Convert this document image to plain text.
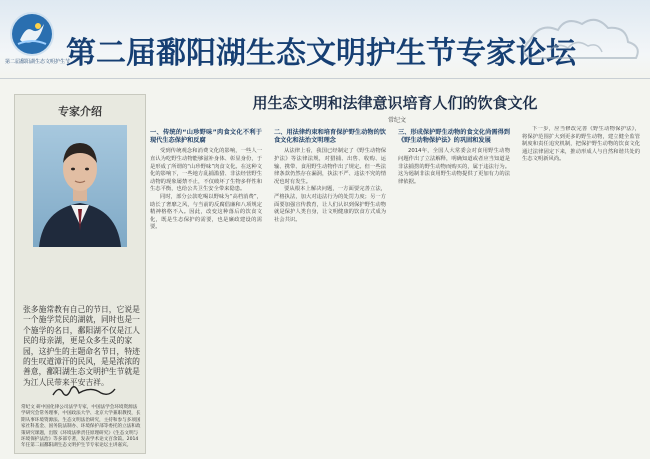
第二届鄱阳湖生态文明护生节
第二届鄱阳湖生态文明护生节专家论坛
专家介绍
张多施常教有自己的节日，它说是一个施学荒民的湖就，同时也是一个施学的名日，鄱阳湖不仅是江人民的母亲湖，更是众多生灵的家园，这护生的主题命名节日，特迹的生叹道漳汗的民风，是是浓浓的善意，鄱阳湖生态文明护生节就是为江人民带来平安吉祥。
常纪文 研中国化律公司法学专家，中国法学会环境资源法学研究会常务理事，中国政法大学、北京大学兼职教授，长期从事环境资源法、生态文明法治研究，主持和参与多项国家社科基金、国务院法制办、环境保护部等委托的立法和政策研究课题，出版《环境法律责任原理研究》《生态文明与环境保护法治》等多部专著，发表学术论文百余篇。2014年任第二届鄱阳湖生态文明护生节专家论坛主讲嘉宾。
用生态文明和法律意识培育人们的饮食文化
常纪文
一、传统的“山珍野味”肉食文化不利于现代生态保护和反腐
受到传统观念和消费文化的影响，一些人一直认为吃野生动物能够滋补身体、彰显身份，于是形成了所谓的“山珍野味”肉食文化。在这种文化的影响下，一些地方乱捕滥猎、非法经营野生动物的现象屡禁不止，不仅破坏了生物多样性和生态平衡，也给公共卫生安全带来隐患。
同时，部分公款吃喝以野味为“高档消费”，助长了奢靡之风，与当前的反腐倡廉和八项规定精神格格不入。因此，改变这种落后的饮食文化，既是生态保护的需要，也是廉政建设的需要。
二、用法律约束和培育保护野生动物的饮食文化和法治文明理念
从法律上看，我国已经制定了《野生动物保护法》等法律法规，对猎捕、出售、收购、运输、携带、食用野生动物作出了规定。但一些法律条款仍然存在漏洞，执法不严、违法不究的情况也时有发生。
要从根本上解决问题，一方面要完善立法，严格执法，加大对违法行为的处罚力度；另一方面要加强宣传教育，让人们认识到保护野生动物就是保护人类自身，让文明健康的饮食方式成为社会共识。
三、形成保护野生动物的食文化尚需得到《野生动物保护法》的巩固和发展
2014年，全国人大常委会对食用野生动物问题作出了立法解释，明确知道或者应当知道是非法捕捞的野生动物而购买的，属于违法行为。这为遏制非法食用野生动物提供了更加有力的法律依据。
下一步，应当修改完善《野生动物保护法》，将保护范围扩大到更多的野生动物，建立健全监管制度和责任追究机制，把保护野生动物的饮食文化通过法律固定下来，推动形成人与自然和谐共处的生态文明新风尚。
